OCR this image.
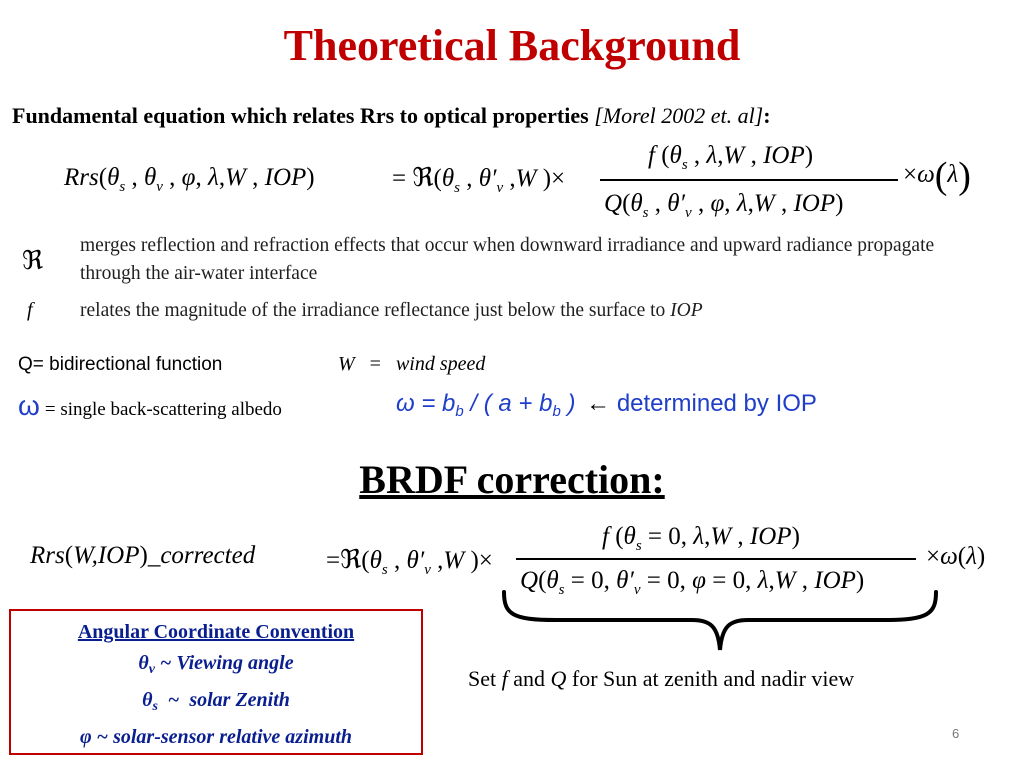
Theoretical Background
Fundamental equation which relates Rrs to optical properties [Morel 2002 et. al]:
$Rrs(\theta_s$ , $\theta_v$ , φ, λ,W , IOP)	= $ℜ(\theta_s$ , $\theta'_v$ ,W )×
f ($\theta_s$ , λ,W , IOP)
$Q(\theta_s$ , $\theta'_v$ , φ, λ,W , IOP)
×ω(λ)
ℜ
merges reflection and refraction effects that occur when downward irradiance and upward radiance propagate through the air-water interface
f relates the magnitude of the irradiance reflectance just below the surface to IOP
Q= bidirectional function	W = wind speed
ω = single back-scattering albedo	$\omega = b_b$ / ( $a + b_b$ ) ← determined by IOP
BRDF correction:
Rrs(W,IOP)_corrected	$=ℜ(\theta_s$ , $\theta'_v$ ,W )×
f ($\theta_s = 0$, λ,W , IOP)
$Q(\theta_s = 0$, $\theta'_v = 0$, φ = 0, λ,W , IOP)
×ω(λ)
Angular Coordinate Convention
$\theta_v$ ~ Viewing angle
$\theta_s$  ~  solar Zenith
φ ~ solar-sensor relative azimuth
Set f and Q for Sun at zenith and nadir view
6
